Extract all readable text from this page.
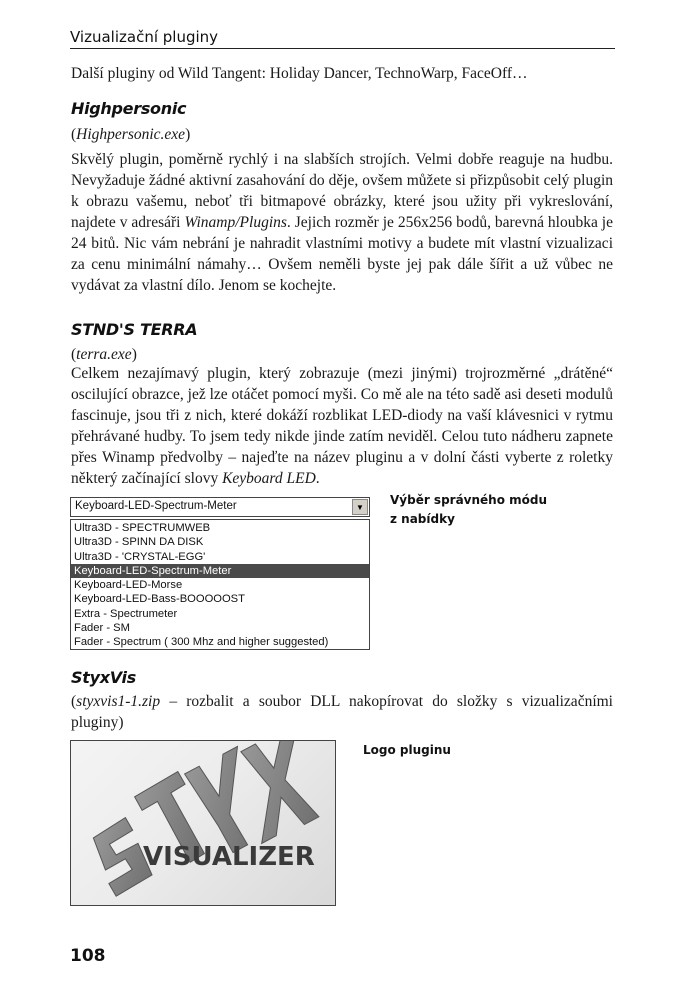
Vizualizační pluginy
Další pluginy od Wild Tangent: Holiday Dancer, TechnoWarp, FaceOff…
Highpersonic
(Highpersonic.exe)

Skvělý plugin, poměrně rychlý i na slabších strojích. Velmi dobře reaguje na hudbu. Nevyžaduje žádné aktivní zasahování do děje, ovšem můžete si přizpůsobit celý plugin k obrazu vašemu, neboť tři bitmapové obrázky, které jsou užity při vykreslování, najdete v adresáři Winamp/Plugins. Jejich rozměr je 256x256 bodů, barevná hloubka je 24 bitů. Nic vám nebrání je nahradit vlastními motivy a budete mít vlastní vizualizaci za cenu minimální námahy… Ovšem neměli byste jej pak dále šířit a už vůbec ne vydávat za vlastní dílo. Jenom se kochejte.

STND'S TERRA
(terra.exe)

Celkem nezajímavý plugin, který zobrazuje (mezi jinými) trojrozměrné „drátěné“ oscilující obrazce, jež lze otáčet pomocí myši. Co mě ale na této sadě asi deseti modulů fascinuje, jsou tři z nich, které dokáží rozblikat LED-diody na vaší klávesnici v rytmu přehrávané hudby. To jsem tedy nikde jinde zatím neviděl. Celou tuto nádheru zapnete přes Winamp předvolby – najeďte na název pluginu a v dolní části vyberte z roletky některý začínající slovy Keyboard LED.

Keyboard-LED-Spectrum-Meter	▼
Ultra3D - SPECTRUMWEB
Ultra3D - SPINN DA DISK
Ultra3D - 'CRYSTAL-EGG'
Keyboard-LED-Spectrum-Meter
Keyboard-LED-Morse
Keyboard-LED-Bass-BOOOOOST
Extra - Spectrumeter
Fader - SM
Fader - Spectrum ( 300 Mhz and higher suggested)
Výběr správného módu
z nabídky
StyxVis

(styxvis1-1.zip – rozbalit a soubor DLL nakopírovat do složky s vizualizačními pluginy)

VISUALIZER
Logo pluginu
108
